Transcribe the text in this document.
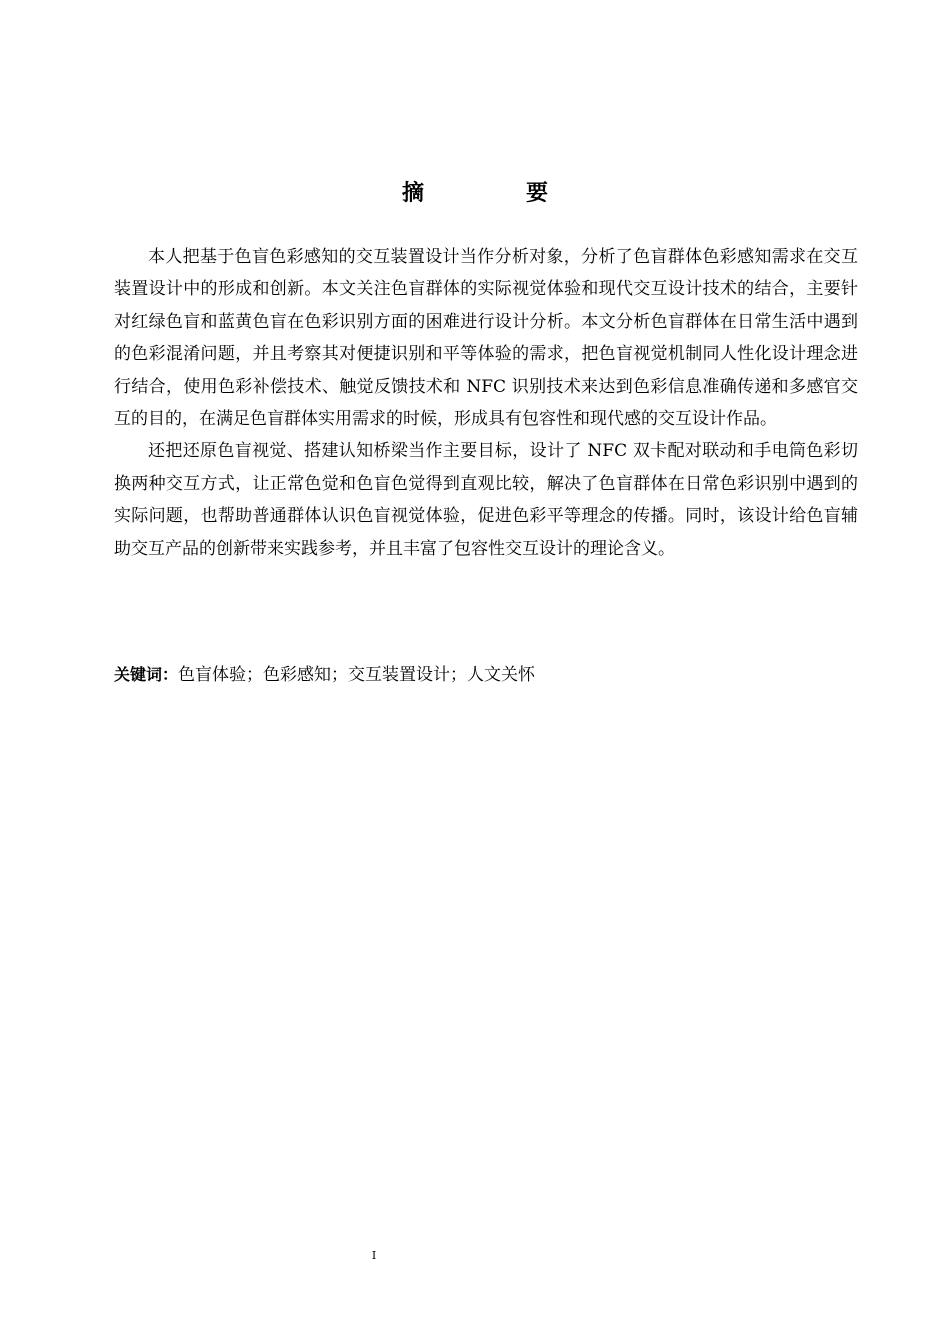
摘　要

本人把基于色盲色彩感知的交互装置设计当作分析对象，分析了色盲群体色彩感知需求在交互装置设计中的形成和创新。本文关注色盲群体的实际视觉体验和现代交互设计技术的结合，主要针对红绿色盲和蓝黄色盲在色彩识别方面的困难进行设计分析。本文分析色盲群体在日常生活中遇到的色彩混淆问题，并且考察其对便捷识别和平等体验的需求，把色盲视觉机制同人性化设计理念进行结合，使用色彩补偿技术、触觉反馈技术和 NFC 识别技术来达到色彩信息准确传递和多感官交互的目的，在满足色盲群体实用需求的时候，形成具有包容性和现代感的交互设计作品。

还把还原色盲视觉、搭建认知桥梁当作主要目标，设计了 NFC 双卡配对联动和手电筒色彩切换两种交互方式，让正常色觉和色盲色觉得到直观比较，解决了色盲群体在日常色彩识别中遇到的实际问题，也帮助普通群体认识色盲视觉体验，促进色彩平等理念的传播。同时，该设计给色盲辅助交互产品的创新带来实践参考，并且丰富了包容性交互设计的理论含义。

关键词：色盲体验；色彩感知；交互装置设计；人文关怀
I
